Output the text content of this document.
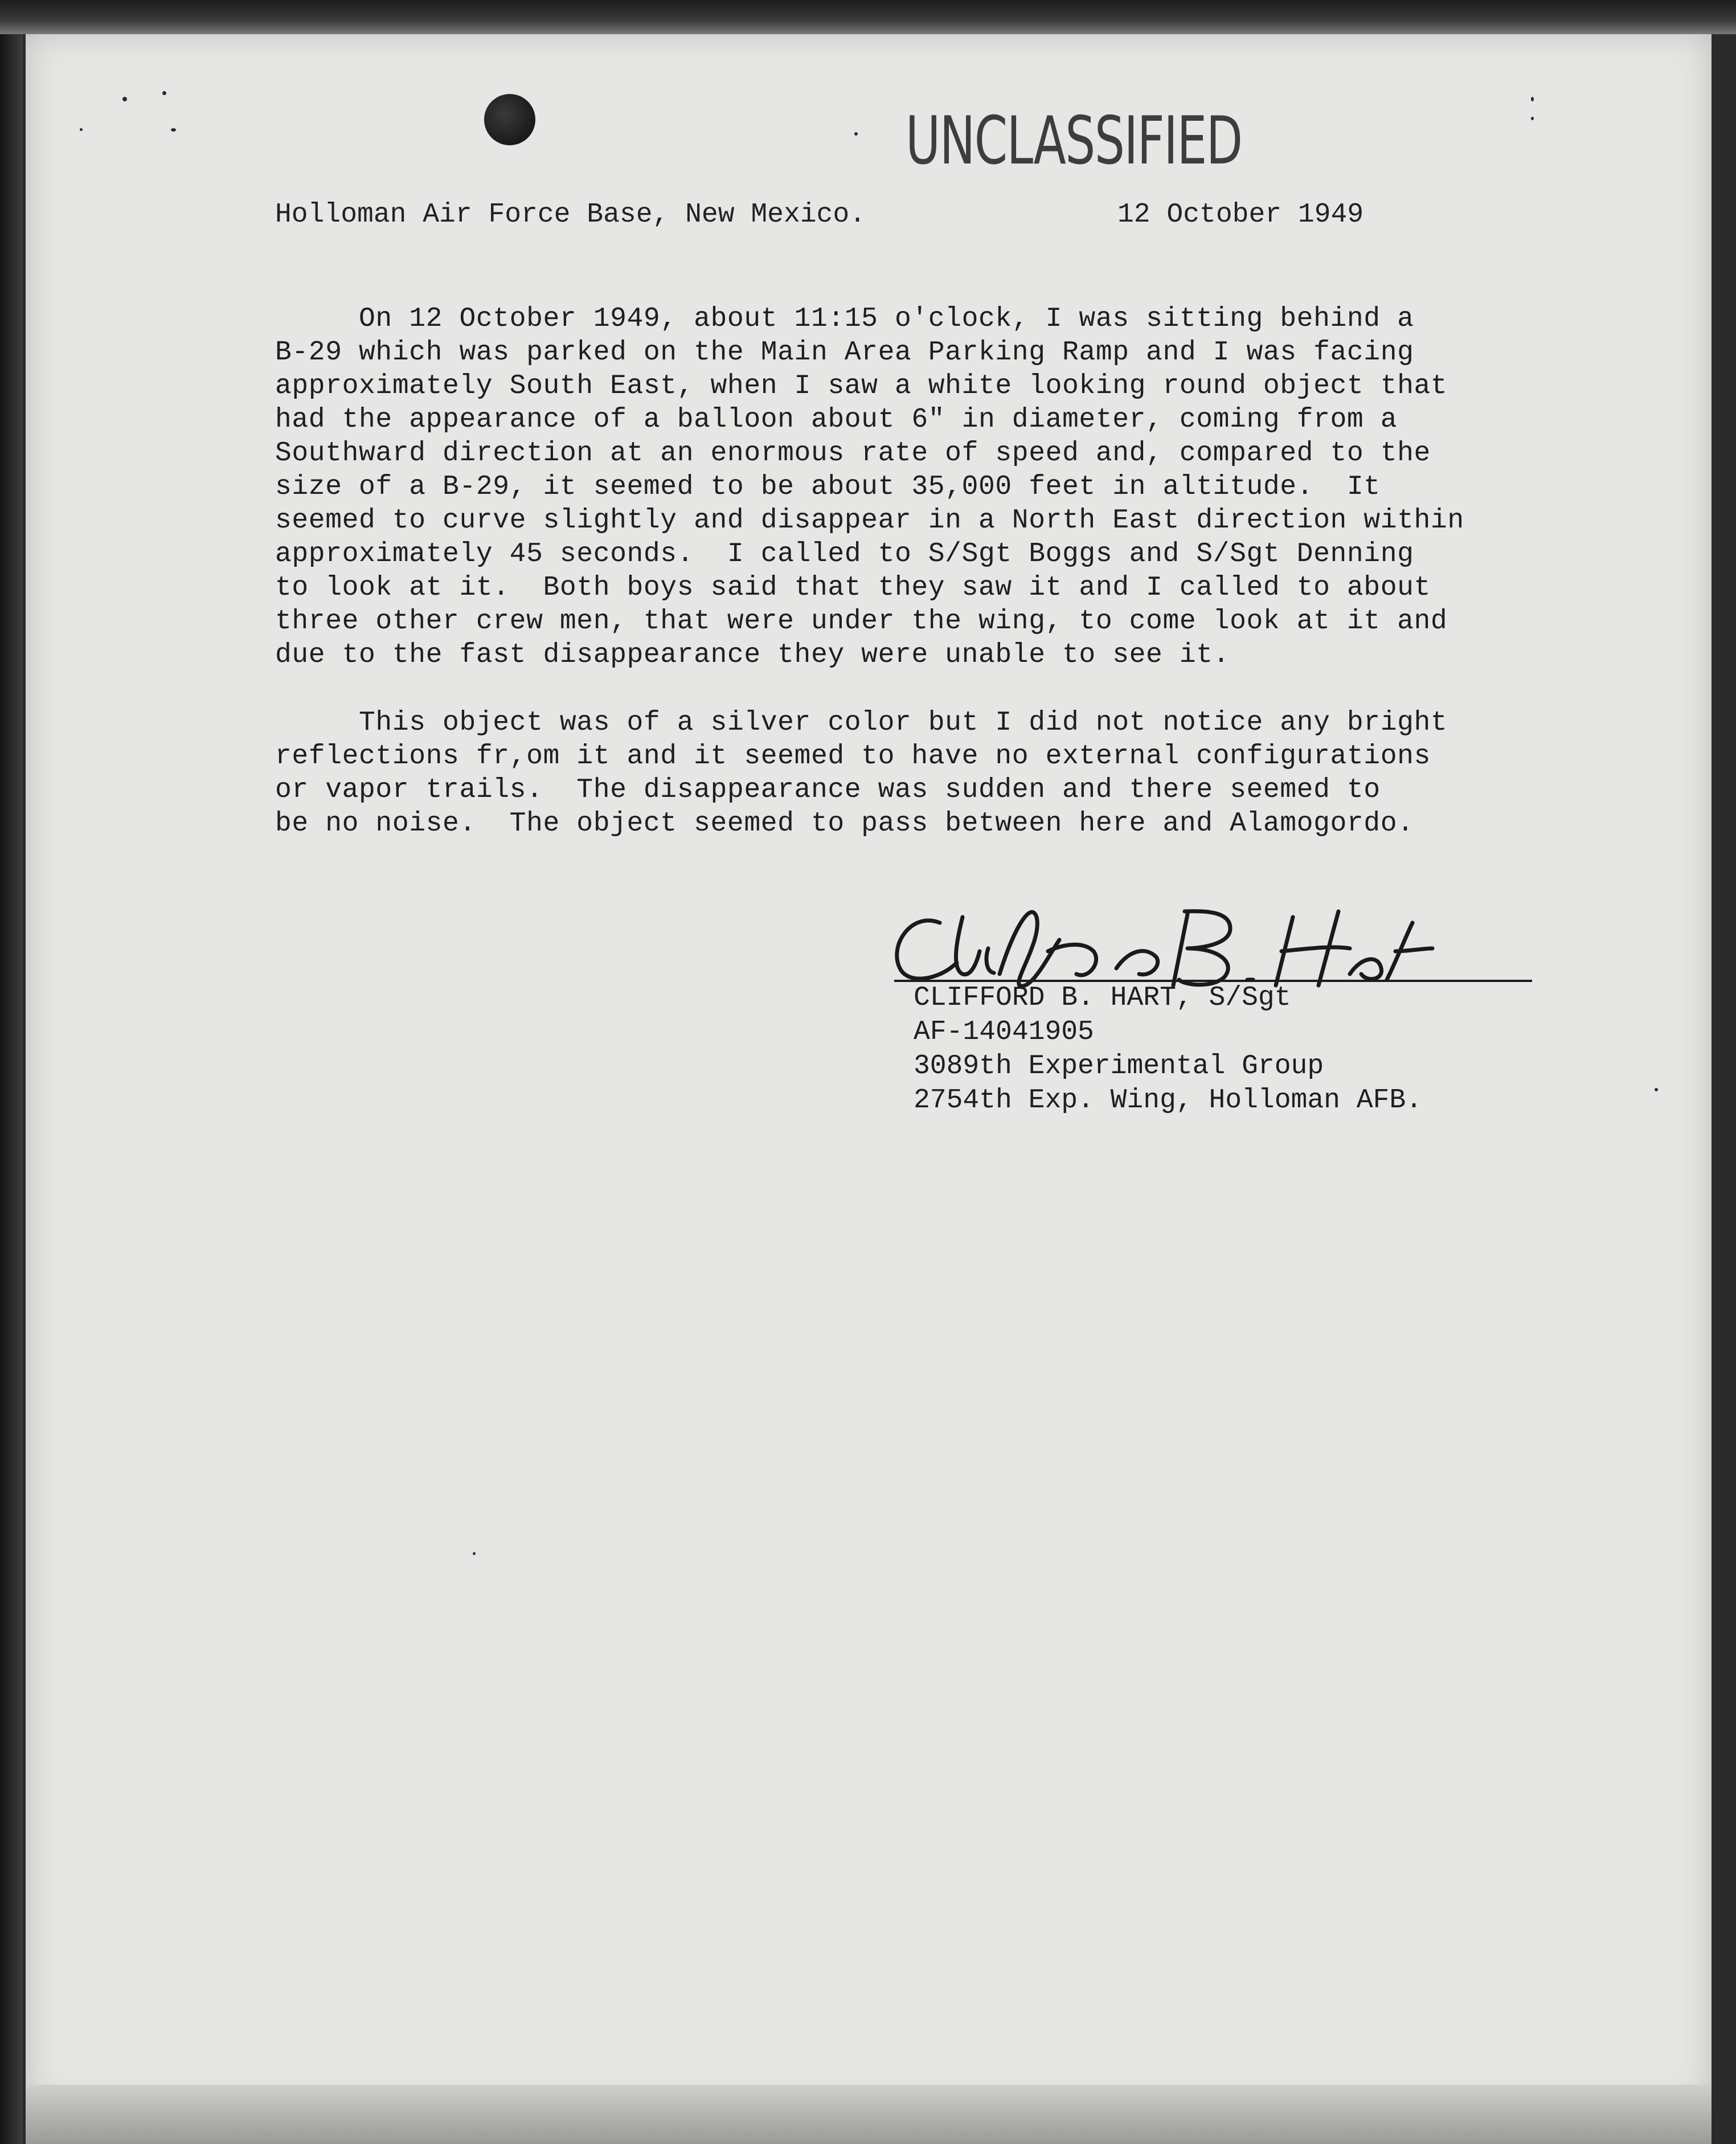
UNCLASSIFIED
Holloman Air Force Base, New Mexico.	12 October 1949
On 12 October 1949, about 11:15 o'clock, I was sitting behind a
B-29 which was parked on the Main Area Parking Ramp and I was facing
approximately South East, when I saw a white looking round object that
had the appearance of a balloon about 6" in diameter, coming from a
Southward direction at an enormous rate of speed and, compared to the
size of a B-29, it seemed to be about 35,000 feet in altitude.  It
seemed to curve slightly and disappear in a North East direction within
approximately 45 seconds.  I called to S/Sgt Boggs and S/Sgt Denning
to look at it.  Both boys said that they saw it and I called to about
three other crew men, that were under the wing, to come look at it and
due to the fast disappearance they were unable to see it.
This object was of a silver color but I did not notice any bright
reflections fr,om it and it seemed to have no external configurations
or vapor trails.  The disappearance was sudden and there seemed to
be no noise.  The object seemed to pass between here and Alamogordo.
CLIFFORD B. HART, S/Sgt
AF-14041905
3089th Experimental Group
2754th Exp. Wing, Holloman AFB.
